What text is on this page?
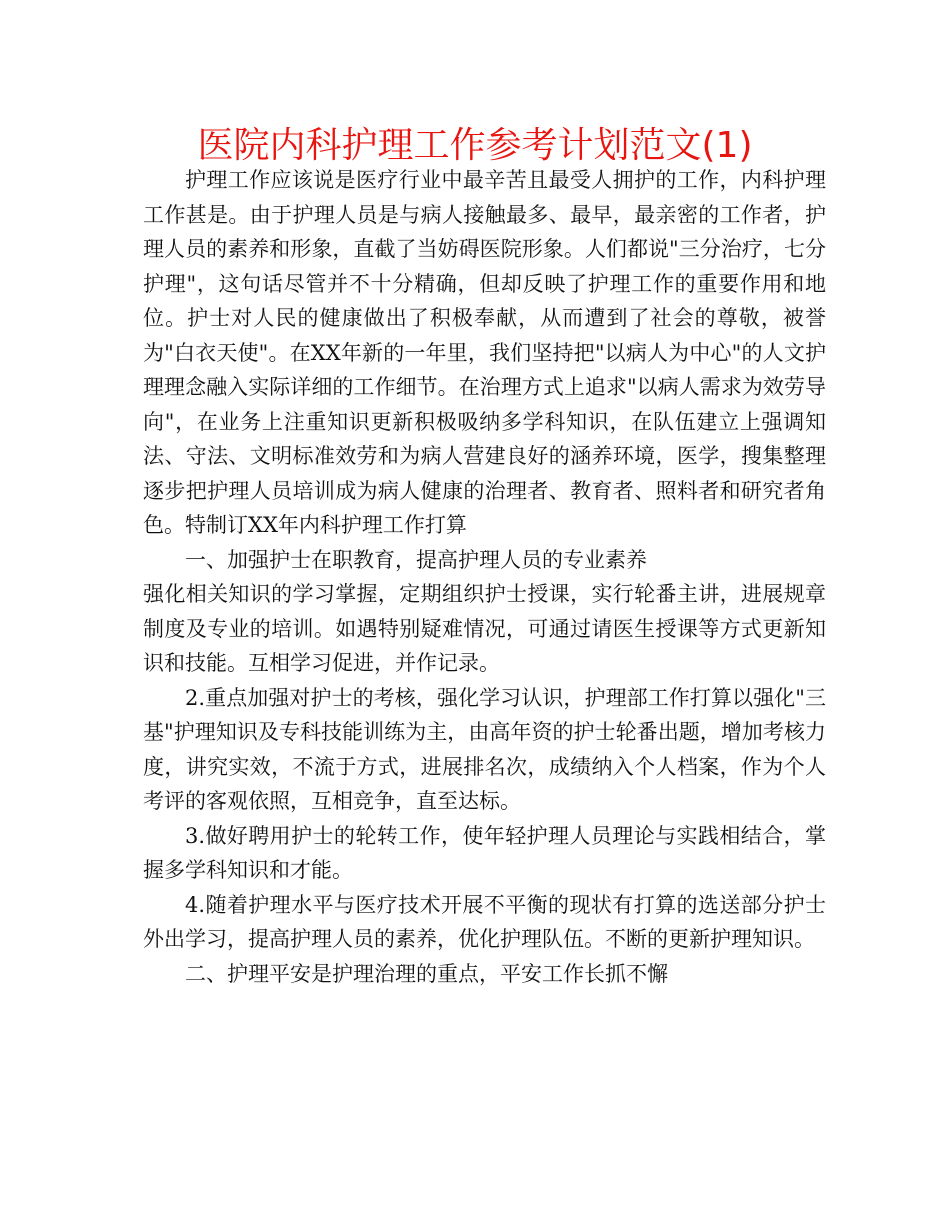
医院内科护理工作参考计划范文(1)

护理工作应该说是医疗行业中最辛苦且最受人拥护的工作，内科护理工作甚是。由于护理人员是与病人接触最多、最早，最亲密的工作者，护理人员的素养和形象，直截了当妨碍医院形象。人们都说"三分治疗，七分护理"，这句话尽管并不十分精确，但却反映了护理工作的重要作用和地位。护士对人民的健康做出了积极奉献，从而遭到了社会的尊敬，被誉为"白衣天使"。在XX年新的一年里，我们坚持把"以病人为中心"的人文护理理念融入实际详细的工作细节。在治理方式上追求"以病人需求为效劳导向"，在业务上注重知识更新积极吸纳多学科知识，在队伍建立上强调知法、守法、文明标准效劳和为病人营建良好的涵养环境，医学，搜集整理逐步把护理人员培训成为病人健康的治理者、教育者、照料者和研究者角色。特制订XX年内科护理工作打算

一、加强护士在职教育，提高护理人员的专业素养

强化相关知识的学习掌握，定期组织护士授课，实行轮番主讲，进展规章制度及专业的培训。如遇特别疑难情况，可通过请医生授课等方式更新知识和技能。互相学习促进，并作记录。

2.重点加强对护士的考核，强化学习认识，护理部工作打算以强化"三基"护理知识及专科技能训练为主，由高年资的护士轮番出题，增加考核力度，讲究实效，不流于方式，进展排名次，成绩纳入个人档案，作为个人考评的客观依照，互相竞争，直至达标。

3.做好聘用护士的轮转工作，使年轻护理人员理论与实践相结合，掌握多学科知识和才能。

4.随着护理水平与医疗技术开展不平衡的现状有打算的选送部分护士外出学习，提高护理人员的素养，优化护理队伍。不断的更新护理知识。

二、护理平安是护理治理的重点，平安工作长抓不懈
